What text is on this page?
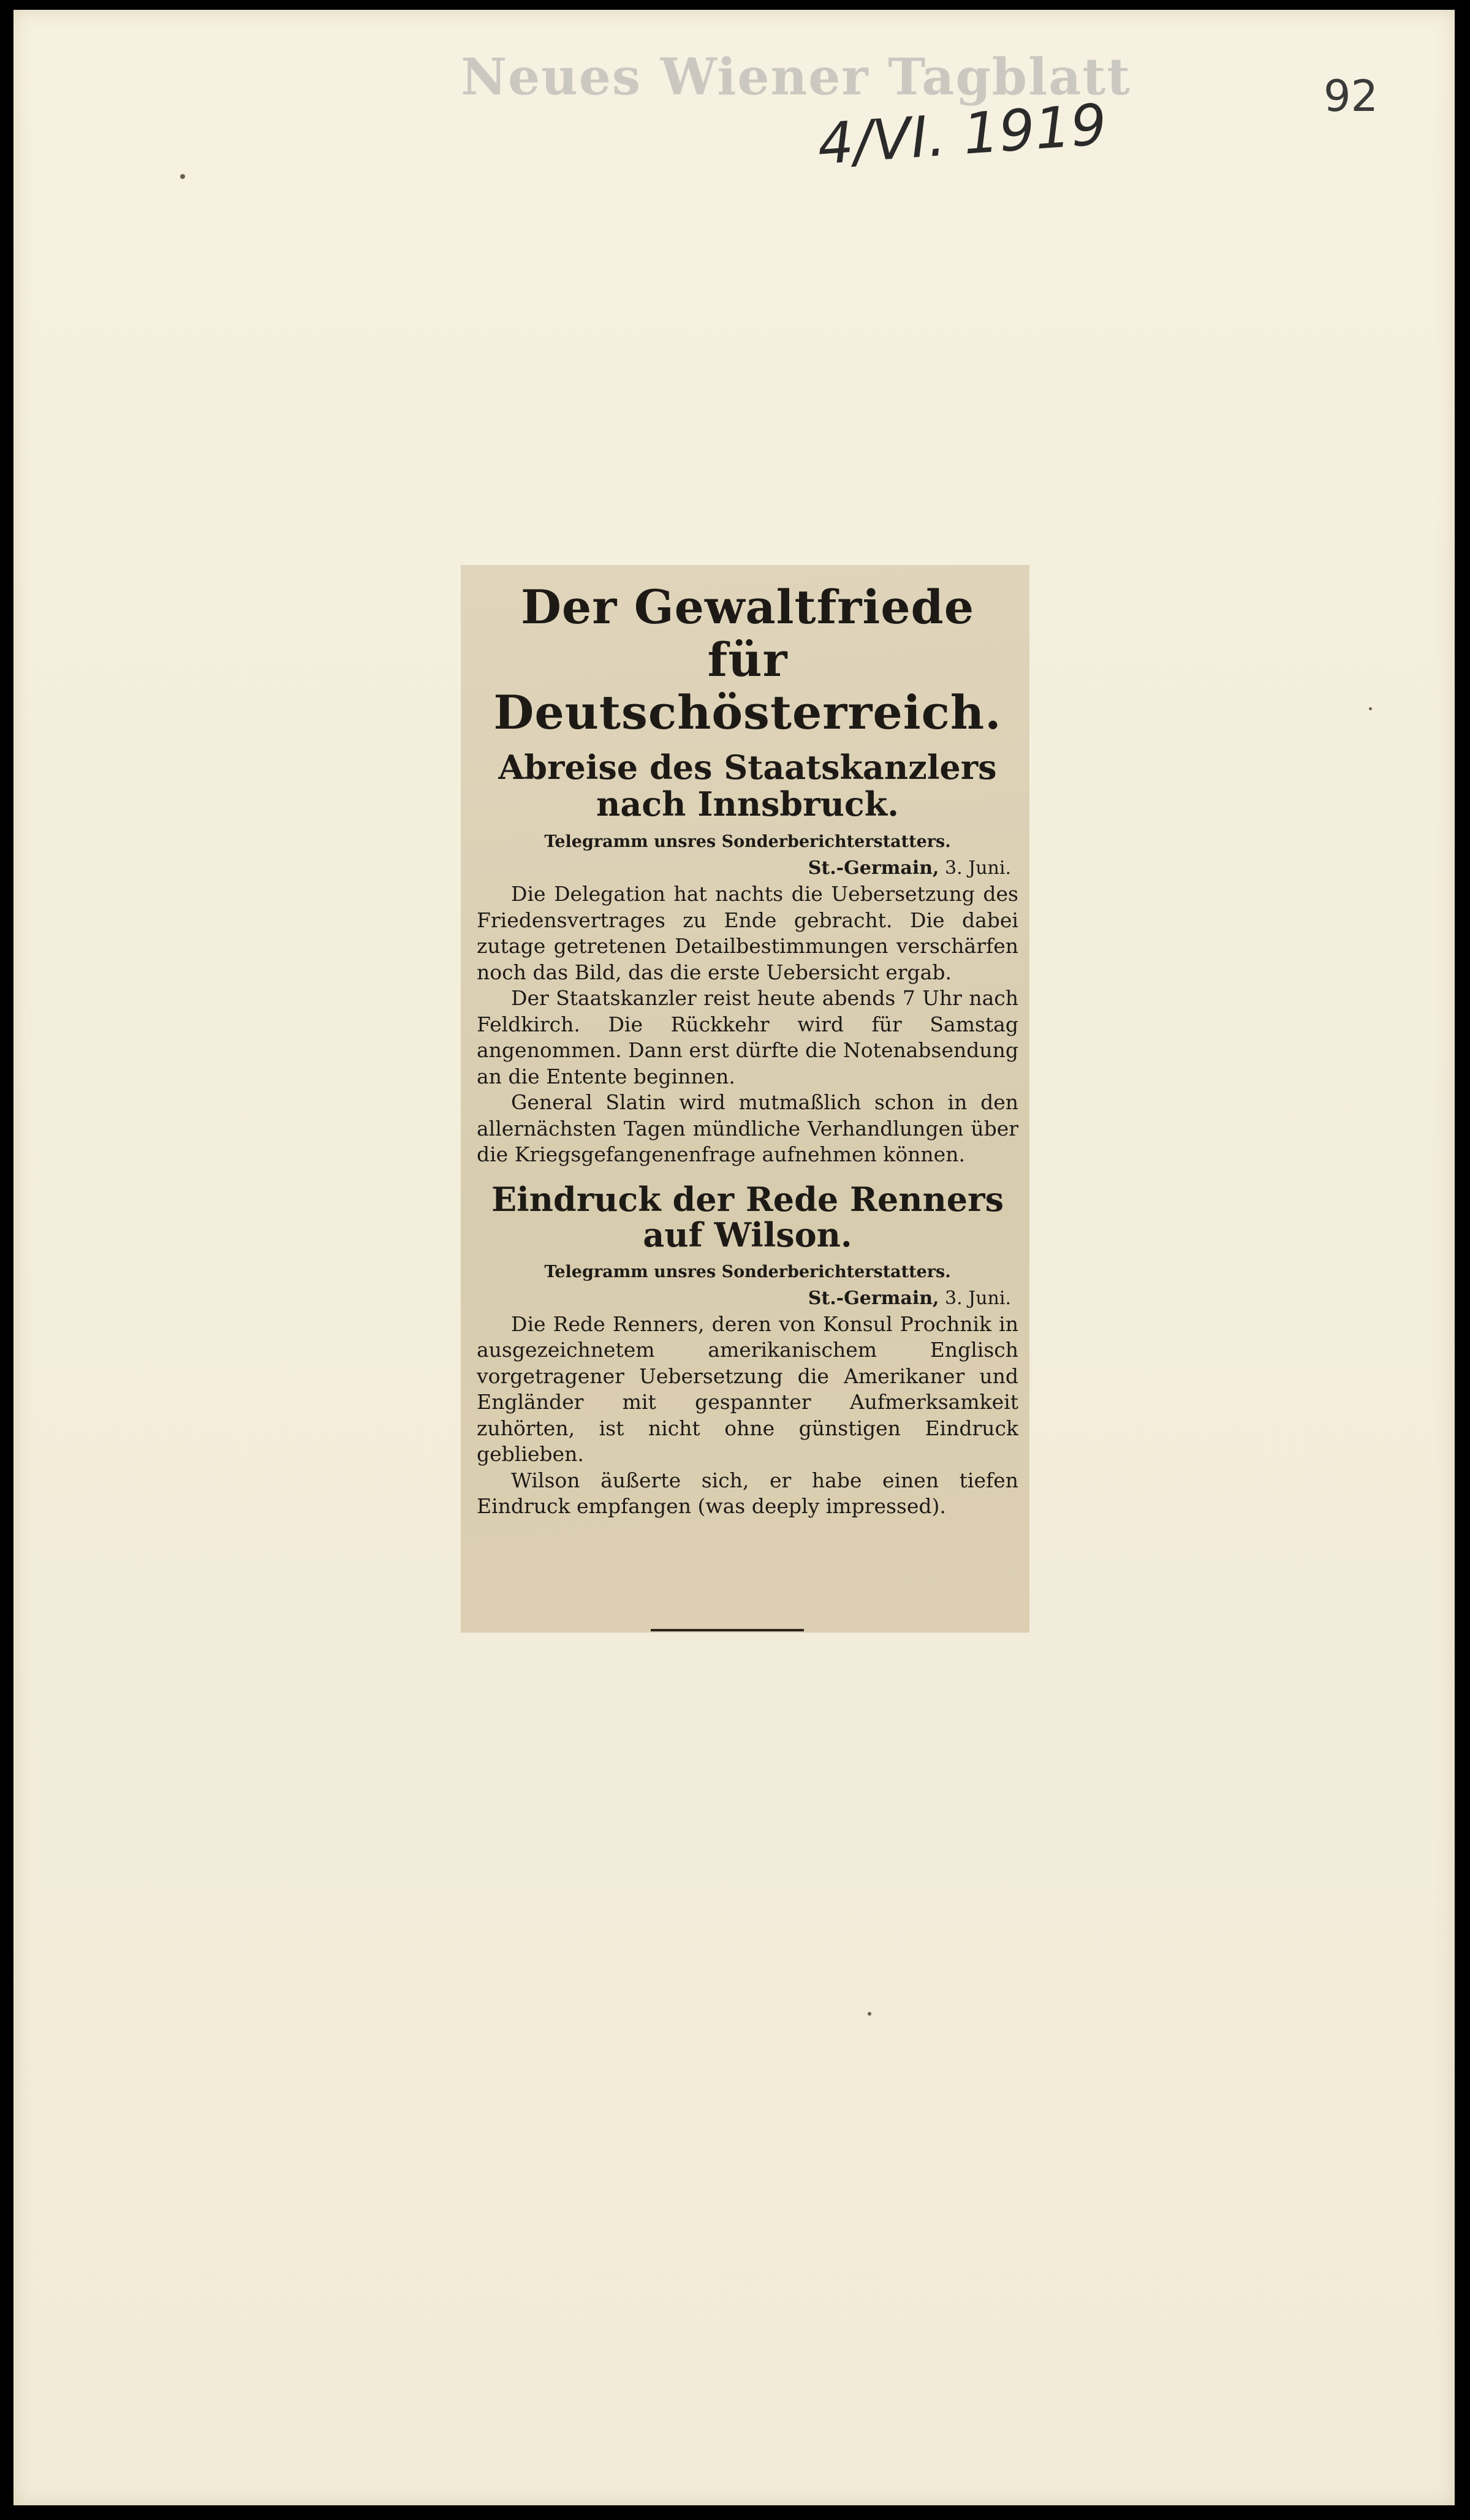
Neues Wiener Tagblatt
4/VI. 1919	92
Der Gewaltfriede für Deutschösterreich.
Abreise des Staatskanzlers nach Innsbruck.
Telegramm unsres Sonderberichterstatters.
St.-Germain, 3. Juni.

Die Delegation hat nachts die Uebersetzung des Friedensvertrages zu Ende gebracht. Die dabei zutage getretenen Detailbestimmungen verschärfen noch das Bild, das die erste Uebersicht ergab.

Der Staatskanzler reist heute abends 7 Uhr nach Feldkirch. Die Rückkehr wird für Samstag angenommen. Dann erst dürfte die Notenabsendung an die Entente beginnen.

General Slatin wird mutmaßlich schon in den allernächsten Tagen mündliche Verhandlungen über die Kriegsgefangenenfrage aufnehmen können.

Eindruck der Rede Renners auf Wilson.
Telegramm unsres Sonderberichterstatters.
St.-Germain, 3. Juni.

Die Rede Renners, deren von Konsul Prochnik in ausgezeichnetem amerikanischem Englisch vorgetragener Uebersetzung die Amerikaner und Engländer mit gespannter Aufmerksamkeit zuhörten, ist nicht ohne günstigen Eindruck geblieben.

Wilson äußerte sich, er habe einen tiefen Eindruck empfangen (was deeply impressed).
